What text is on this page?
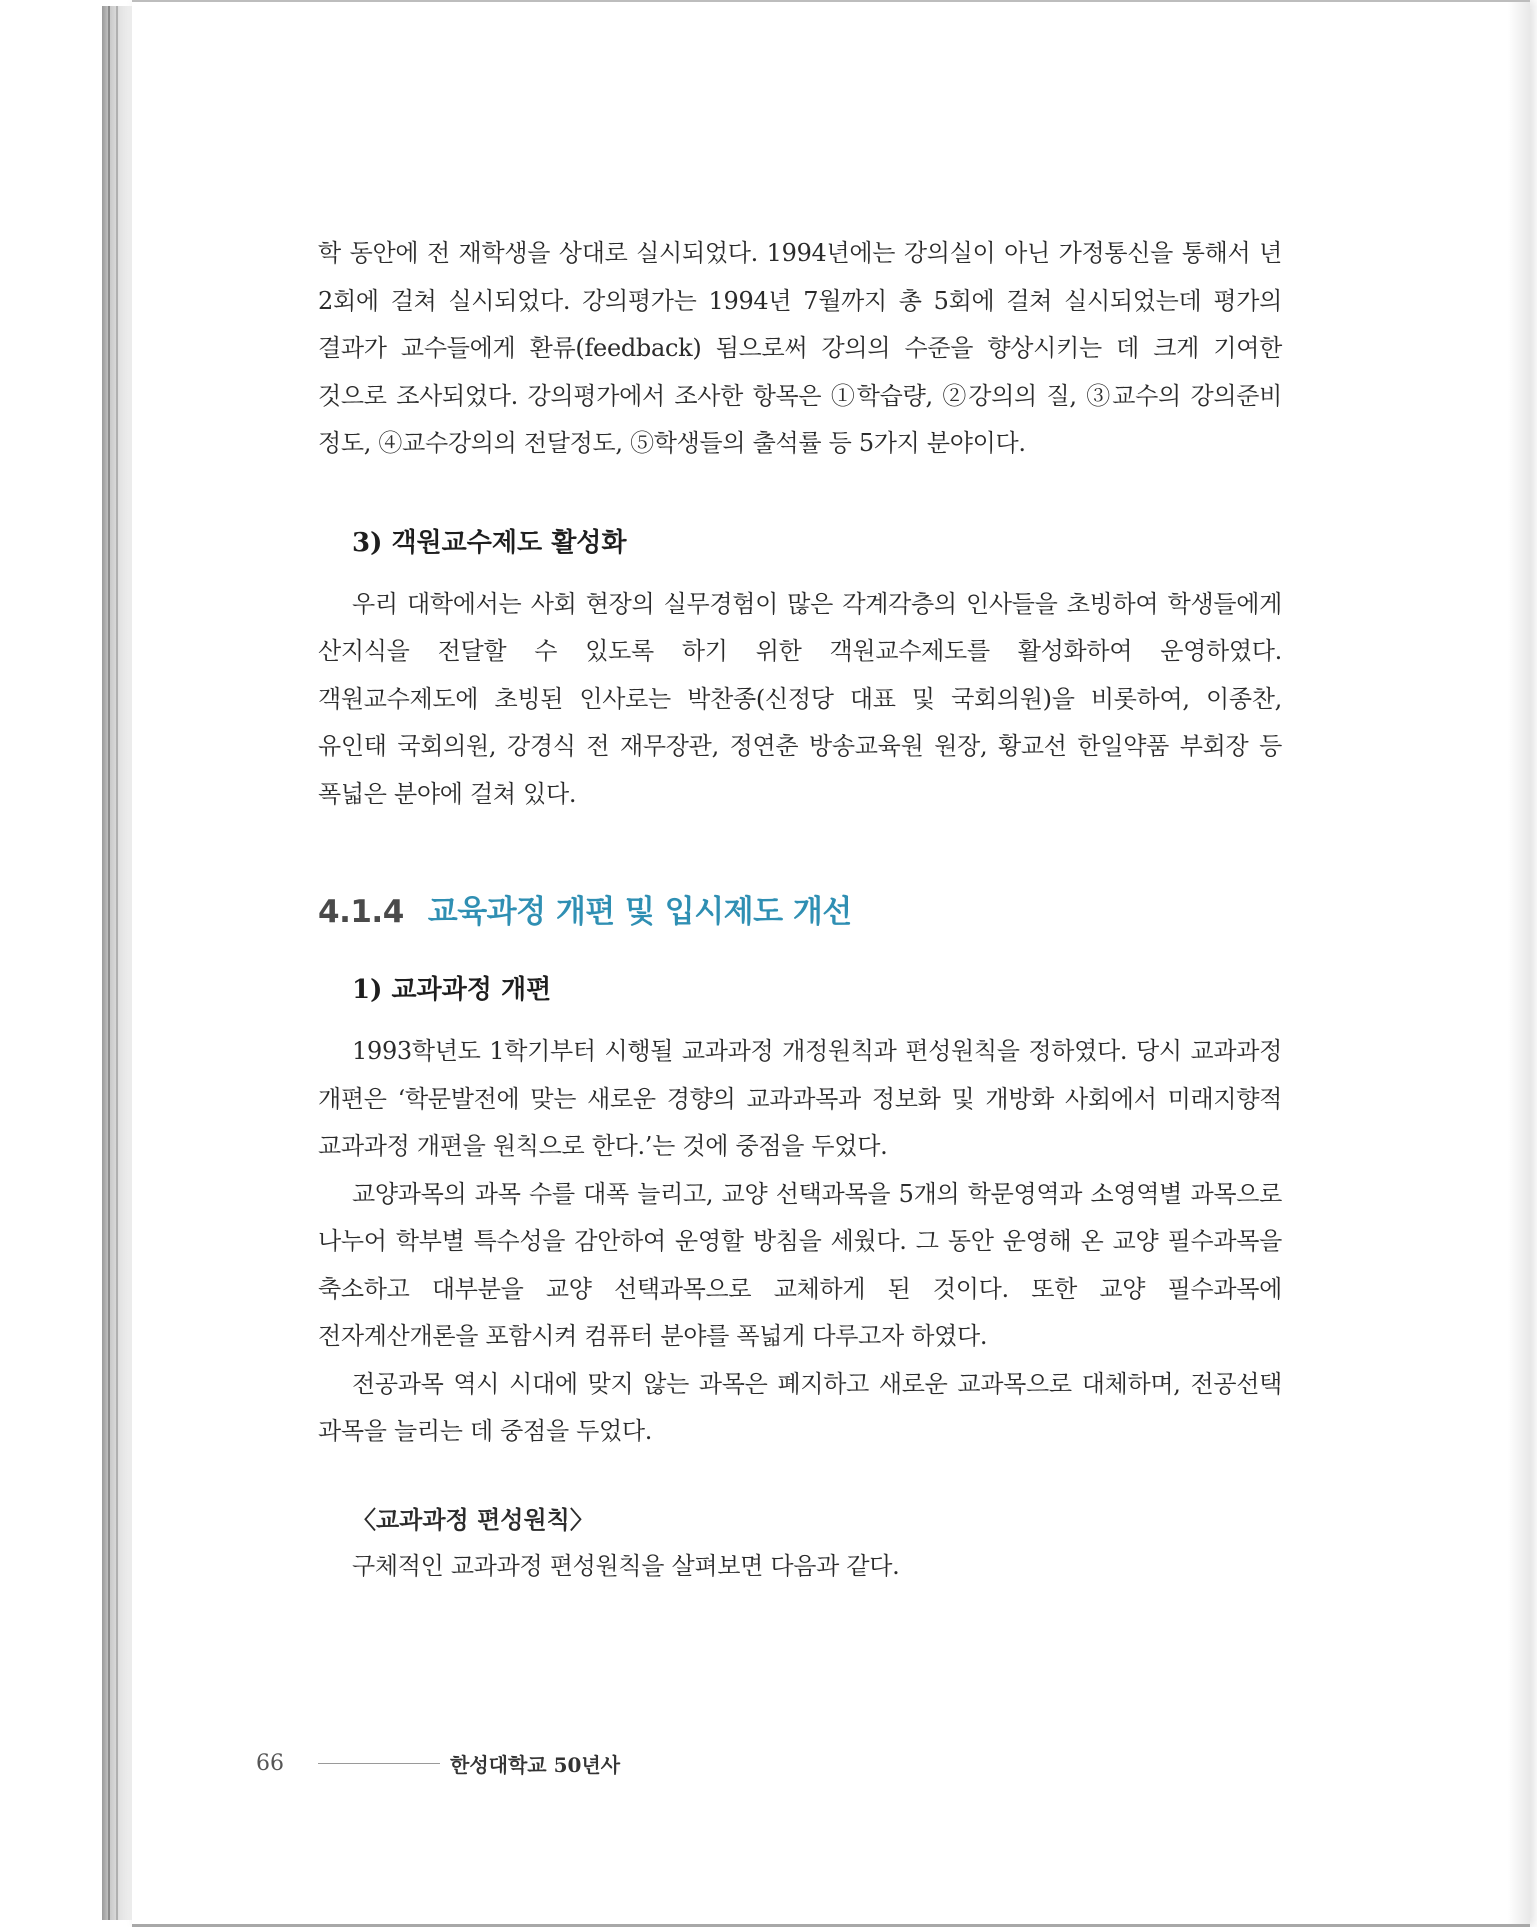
학 동안에 전 재학생을 상대로 실시되었다. 1994년에는 강의실이 아닌 가정통신을 통해서 년 2회에 걸쳐 실시되었다. 강의평가는 1994년 7월까지 총 5회에 걸쳐 실시되었는데 평가의 결과가 교수들에게 환류(feedback) 됨으로써 강의의 수준을 향상시키는 데 크게 기여한 것으로 조사되었다. 강의평가에서 조사한 항목은 ①학습량, ②강의의 질, ③교수의 강의준비 정도, ④교수강의의 전달정도, ⑤학생들의 출석률 등 5가지 분야이다.

3) 객원교수제도 활성화

우리 대학에서는 사회 현장의 실무경험이 많은 각계각층의 인사들을 초빙하여 학생들에게 산지식을 전달할 수 있도록 하기 위한 객원교수제도를 활성화하여 운영하였다. 객원교수제도에 초빙된 인사로는 박찬종(신정당 대표 및 국회의원)을 비롯하여, 이종찬, 유인태 국회의원, 강경식 전 재무장관, 정연춘 방송교육원 원장, 황교선 한일약품 부회장 등 폭넓은 분야에 걸쳐 있다.

4.1.4 교육과정 개편 및 입시제도 개선
1) 교과과정 개편

1993학년도 1학기부터 시행될 교과과정 개정원칙과 편성원칙을 정하였다. 당시 교과과정 개편은 ‘학문발전에 맞는 새로운 경향의 교과과목과 정보화 및 개방화 사회에서 미래지향적 교과과정 개편을 원칙으로 한다.’는 것에 중점을 두었다.

교양과목의 과목 수를 대폭 늘리고, 교양 선택과목을 5개의 학문영역과 소영역별 과목으로 나누어 학부별 특수성을 감안하여 운영할 방침을 세웠다. 그 동안 운영해 온 교양 필수과목을 축소하고 대부분을 교양 선택과목으로 교체하게 된 것이다. 또한 교양 필수과목에 전자계산개론을 포함시켜 컴퓨터 분야를 폭넓게 다루고자 하였다.

전공과목 역시 시대에 맞지 않는 과목은 폐지하고 새로운 교과목으로 대체하며, 전공선택 과목을 늘리는 데 중점을 두었다.

〈교과과정 편성원칙〉

구체적인 교과과정 편성원칙을 살펴보면 다음과 같다.

66	한성대학교 50년사
